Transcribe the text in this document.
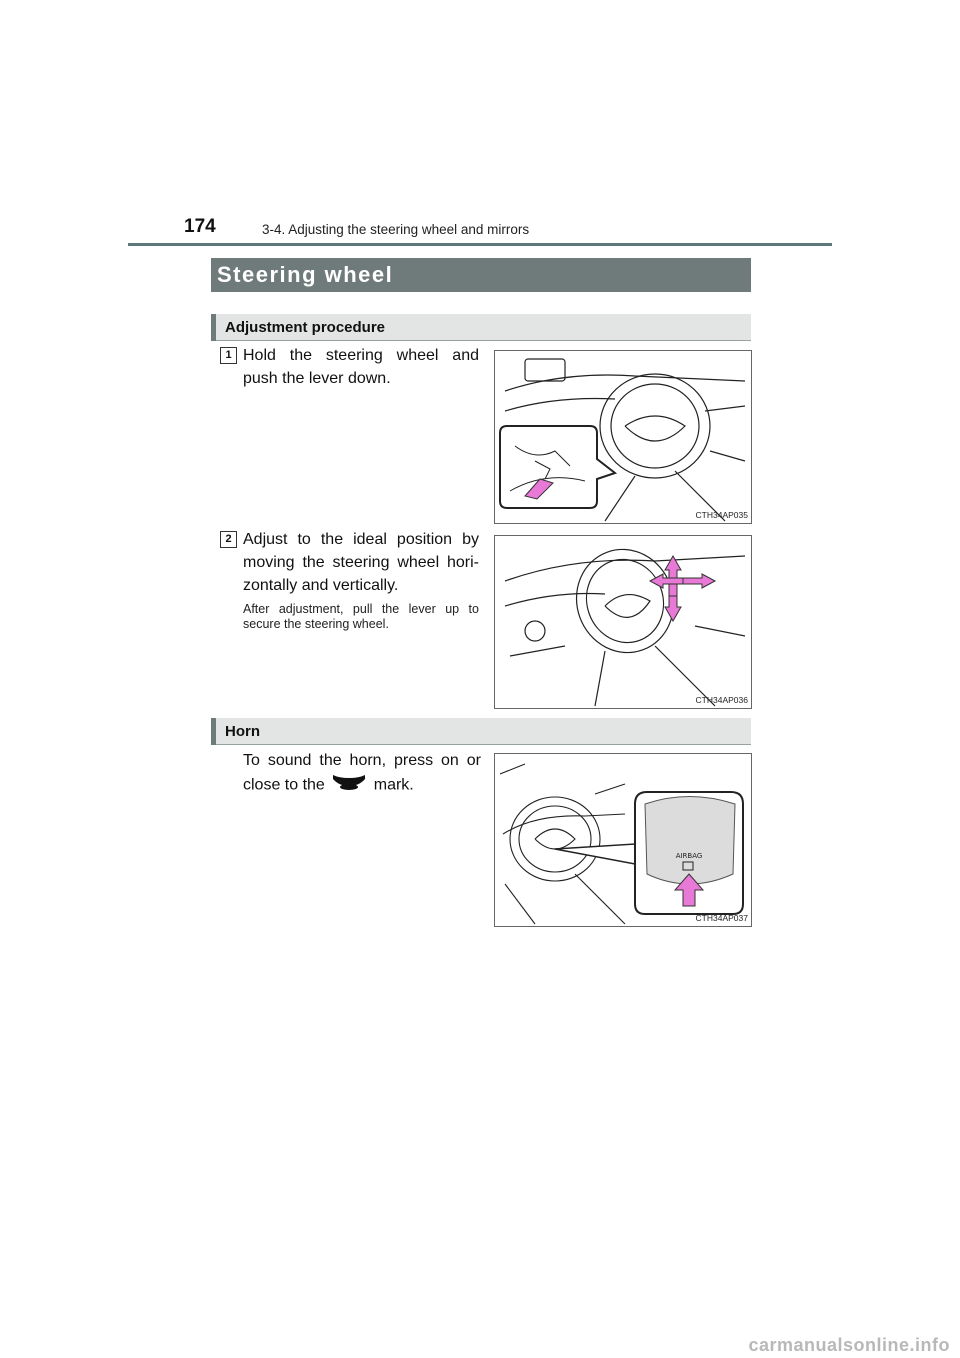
174	3-4. Adjusting the steering wheel and mirrors
Steering wheel
Adjustment procedure
1 Hold the steering wheel and push the lever down.
CTH34AP035
2 Adjust to the ideal position by moving the steering wheel hori-zontally and vertically.
After adjustment, pull the lever up to secure the steering wheel.
CTH34AP036
Horn
To sound the horn, press on or close to the	mark.
AIRBAG
CTH34AP037
carmanualsonline.info
